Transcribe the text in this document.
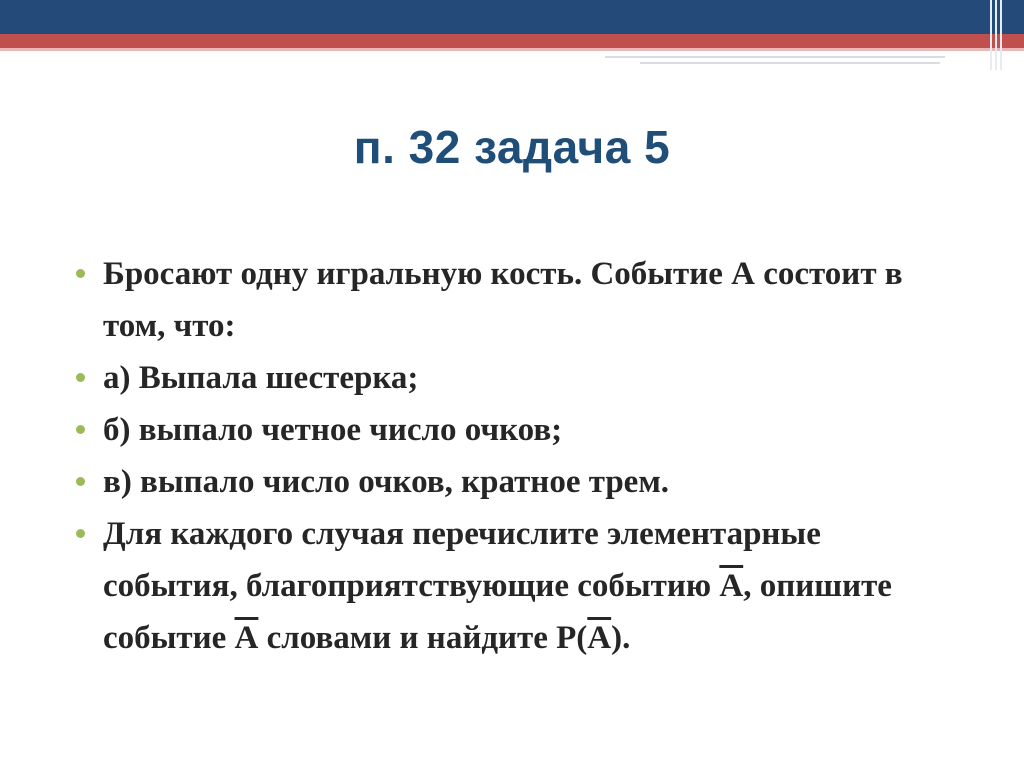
п. 32 задача 5
Бросают одну игральную кость. Событие А состоит в том, что:
а) Выпала шестерка;
б) выпало четное число очков;
в) выпало число очков, кратное трем.
Для каждого случая перечислите элементарные события, благоприятствующие событию А, опишите событие А словами и найдите Р(А).
